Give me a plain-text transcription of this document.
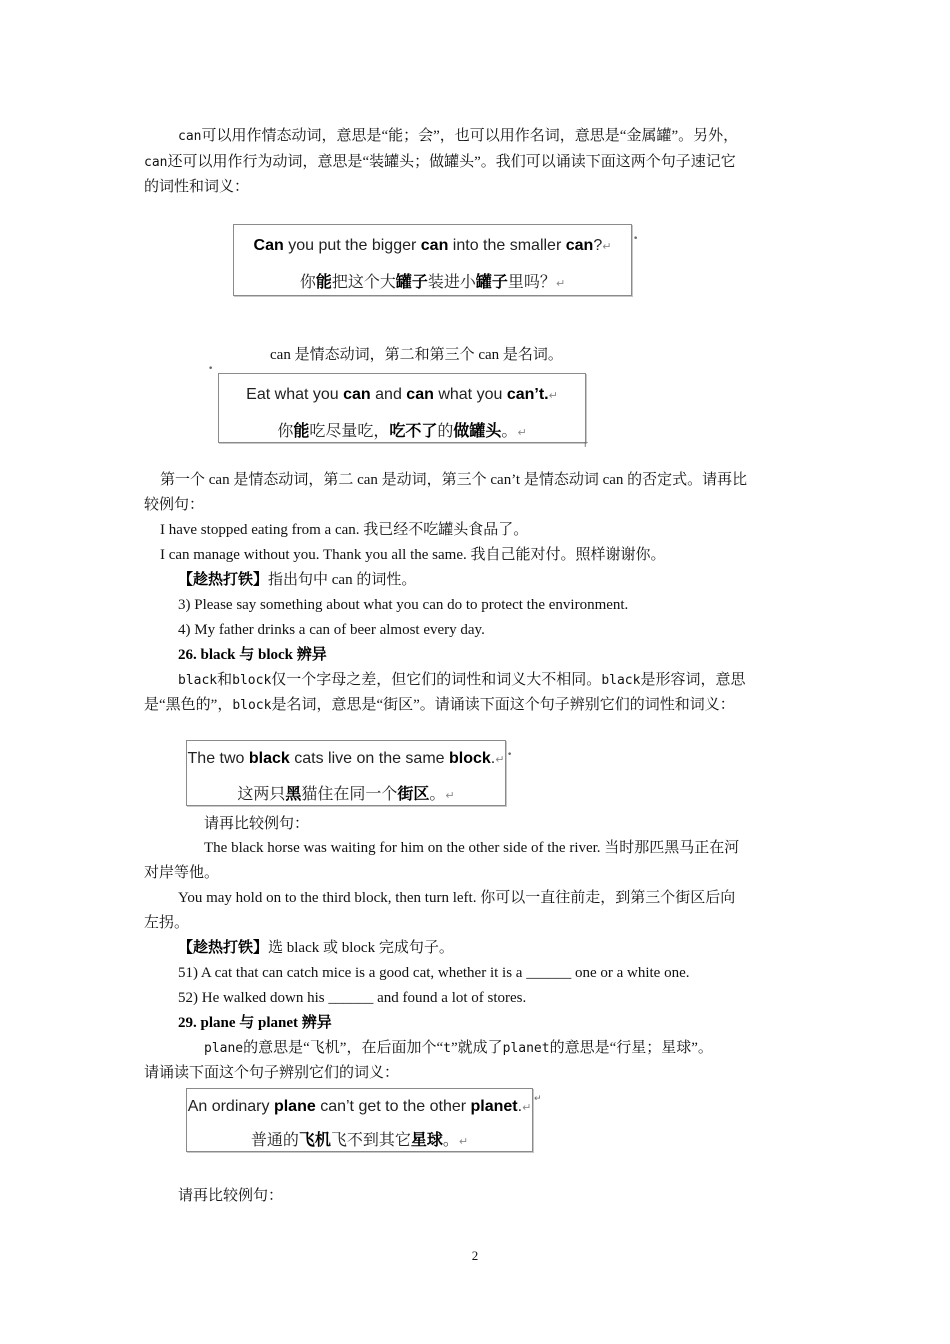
can可以用作情态动词，意思是“能；会”，也可以用作名词，意思是“金属罐”。另外，
can还可以用作行为动词，意思是“装罐头；做罐头”。我们可以诵读下面这两个句子速记它
的词性和词义：
Can you put the bigger can into the smaller can?↵
你能把这个大罐子装进小罐子里吗？↵
•
can 是情态动词，第二和第三个 can 是名词。
•
Eat what you can and can what you can’t.↵
你能吃尽量吃，吃不了的做罐头。↵
r
第一个 can 是情态动词，第二 can 是动词，第三个 can’t 是情态动词 can 的否定式。请再比
较例句：
I have stopped eating from a can. 我已经不吃罐头食品了。
I can manage without you. Thank you all the same. 我自己能对付。照样谢谢你。
【趁热打铁】指出句中 can 的词性。
3) Please say something about what you can do to protect the environment.
4) My father drinks a can of beer almost every day.
26. black 与 block 辨异
black和block仅一个字母之差，但它们的词性和词义大不相同。black是形容词，意思
是“黑色的”，block是名词，意思是“街区”。请诵读下面这个句子辨别它们的词性和词义：
The two black cats live on the same block.↵
这两只黑猫住在同一个街区。↵
•
请再比较例句：
The black horse was waiting for him on the other side of the river. 当时那匹黑马正在河
对岸等他。
You may hold on to the third block, then turn left. 你可以一直往前走，到第三个街区后向
左拐。
【趁热打铁】选 black 或 block 完成句子。
51) A cat that can catch mice is a good cat, whether it is a ______ one or a white one.
52) He walked down his ______ and found a lot of stores.
29. plane 与 planet 辨异
plane的意思是“飞机”，在后面加个“t”就成了planet的意思是“行星；星球”。
请诵读下面这个句子辨别它们的词义：
An ordinary plane can’t get to the other planet.↵
普通的飞机飞不到其它星球。↵
↵
请再比较例句：
2
